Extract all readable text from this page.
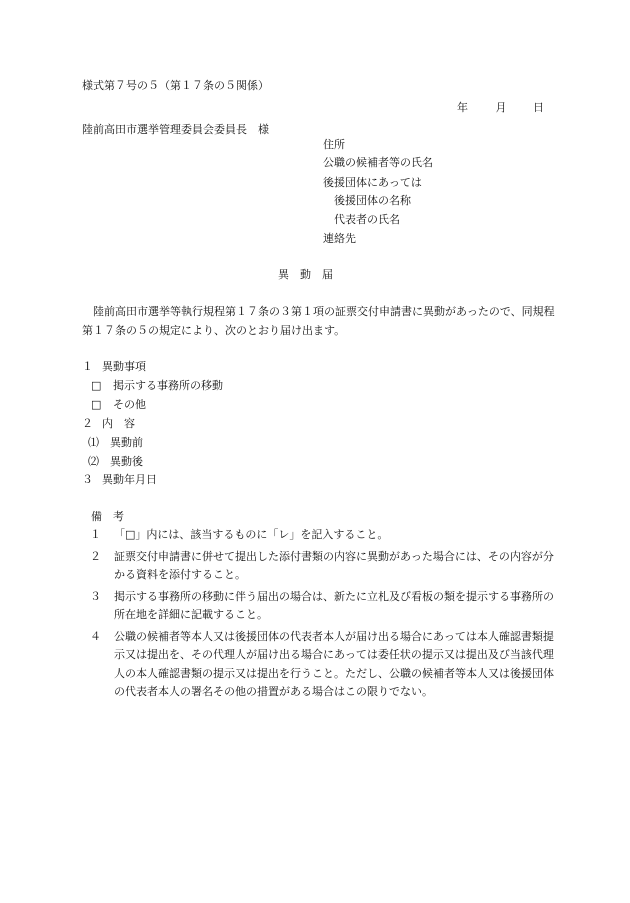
様式第７号の５（第１７条の５関係）
年	月 日
陸前高田市選挙管理委員会委員長　様
住所
公職の候補者等の氏名
後援団体にあっては
後援団体の名称
代表者の氏名
連絡先
異　動　届

陸前高田市選挙等執行規程第１７条の３第１項の証票交付申請書に異動があったので、同規程第１７条の５の規定により、次のとおり届け出ます。

１ 異動事項
□ 掲示する事務所の移動
□ その他
２ 内　容
⑴ 異動前
⑵ 異動後
３ 異動年月日
備　考
１	「□」内には、該当するものに「レ」を記入すること。
２	証票交付申請書に併せて提出した添付書類の内容に異動があった場合には、その内容が分かる資料を添付すること。
３	掲示する事務所の移動に伴う届出の場合は、新たに立札及び看板の類を提示する事務所の所在地を詳細に記載すること。
４	公職の候補者等本人又は後援団体の代表者本人が届け出る場合にあっては本人確認書類提示又は提出を、その代理人が届け出る場合にあっては委任状の提示又は提出及び当該代理人の本人確認書類の提示又は提出を行うこと。ただし、公職の候補者等本人又は後援団体の代表者本人の署名その他の措置がある場合はこの限りでない。
